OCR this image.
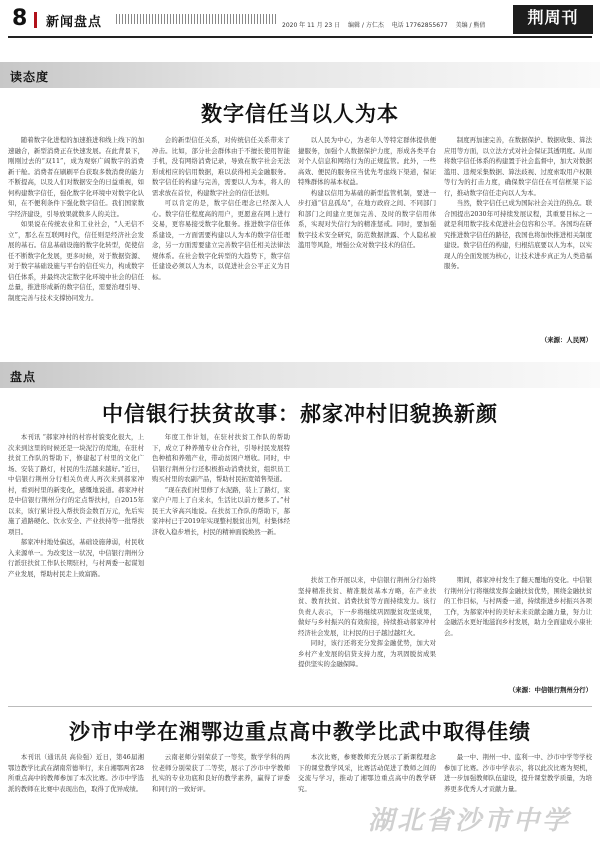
8 新闻盘点	2020 年 11 月 23 日 编辑 / 方仁杰 电话 17762855677 美编 / 熊倩	荆周刊
读态度
数字信任当以人为本

随着数字化进程的加速推进和线上线下的加速融合，新型消费正在快速发展。在此背景下，刚刚过去的“双11”，成为观察广阔数字的消费新干舱。消费者在刷刷平台获取多数消费的能力不断提高，以及人们对数据安全的日益重视，如何构建数字信任，强化数字化环境中对数字化认知，在不便利条件下强化数字信任。我们国家数字经济建设，引导放果就数多人的关注。

如果说在传统农业和工业社会，“人无信不立”，那么在互联网时代，信任则是经济社会发展的基石。信息基础设施的数字化转型，促使信任不断数字化发展，更多时候，对于数据资源、对于数字基础设施与平台的信任实力，构成数字信任体系，并最终决定数字化环境中社会的信任总量，推进形成新的数字信任，需要治理引导、制度完善与技术支撑协同发力。

会的新型信任关系，对传统信任关系带来了冲击。比如，部分社会群体由于不擅长使用智能手机，没有网络消费记录，导致在数字社会无法形成相应的信用数据，难以获得相关金融服务。数字信任的构建与完善，需要以人为本，将人的需求放在首位，构建数字社会的信任法则。

可以肯定的是，数字信任理念已经深入人心。数字信任程度高的用户，更愿意在网上进行交易，更容易接受数字化服务。推进数字信任体系建设，一方面需要构建以人为本的数字信任理念，另一方面需要建立完善数字信任相关法律法规体系。在社会数字化转型的大趋势下，数字信任建设必须以人为本，以促进社会公平正义为目标。

以人民为中心，为老年人等特定群体提供便捷服务，加强个人数据保护力度，形成各类平台对个人信息和网络行为的正规监管。此外，一些高效、便民的服务应当优先考虑线下渠道，保证特殊群体的基本权益。

构建以信用为基础的新型监管机制，要进一步打通“信息孤岛”，在地方政府之间、不同部门和部门之间建立更加完善、及时的数字信用体系，实现对失信行为的精准惩戒。同时，要加强数字技术安全研究，防范数据泄露、个人隐私被滥用等风险，增强公众对数字技术的信任。

制度再加速完善，在数据保护、数据收集、算法应用等方面，以立法方式对社会保证其透明度。从而将数字信任体系的构建置于社会监督中，加大对数据滥用、违规采集数据、算法歧视、过度索取用户权限等行为的打击力度，确保数字信任在可信框架下运行，推动数字信任走向以人为本。

当然，数字信任已成为国际社会关注的热点。联合国提出2030年可持续发展议程，其重要目标之一就是利用数字技术促进社会包容和公平。各国均在研究推进数字信任的路径，我国也将加快推进相关制度建设。数字信任的构建，归根结底要以人为本，以实现人的全面发展为核心，让技术进步真正为人类造福服务。

（来源：人民网）
盘点
中信银行扶贫故事：郝家冲村旧貌换新颜

本刊讯 “郝家冲村的村容村貌变化很大，上次来到这里的时候还是一块泥泞的荒地，在驻村扶贫工作队的帮助下，修建起了村里的文化广场、安装了路灯，村民的生活越来越好。”近日，中信银行荆州分行相关负责人再次来到郝家冲村，看到村里的新变化，感慨地说道。郝家冲村是中信银行荆州分行的定点帮扶村，自2015年以来，该行累计投入帮扶资金数百万元，先后实施了道路硬化、饮水安全、产业扶持等一批帮扶项目。

郝家冲村地处偏远，基础设施薄弱，村民收入来源单一。为改变这一状况，中信银行荆州分行派驻扶贫工作队长期驻村，与村两委一起谋划产业发展，帮助村民走上致富路。

年度工作计划，在驻村扶贫工作队的帮助下，成立了种养殖专业合作社，引导村民发展特色种植和养殖产业，带动贫困户增收。同时，中信银行荆州分行还积极推动消费扶贫，组织员工购买村里的农副产品，帮助村民拓宽销售渠道。

“现在我们村里修了水泥路，装上了路灯，家家户户用上了自来水，生活比以前方便多了。”村民王大爷高兴地说。在扶贫工作队的帮助下，郝家冲村已于2019年实现整村脱贫出列，村集体经济收入稳步增长，村民的精神面貌焕然一新。

扶贫工作开展以来，中信银行荆州分行始终坚持精准扶贫、精准脱贫基本方略，在产业扶贫、教育扶贫、消费扶贫等方面持续发力。该行负责人表示，下一步将继续巩固脱贫攻坚成果，做好与乡村振兴的有效衔接，持续推动郝家冲村经济社会发展，让村民的日子越过越红火。

同时，该行还将充分发挥金融优势，加大对乡村产业发展的信贷支持力度，为巩固脱贫成果提供坚实的金融保障。

期间，郝家冲村发生了翻天覆地的变化。中信银行荆州分行将继续发挥金融扶贫优势，围绕金融扶贫的工作目标，与村两委一道，持续推进乡村振兴各项工作，为郝家冲村的美好未来贡献金融力量，努力让金融活水更好地滋润乡村发展，助力全面建成小康社会。

（来源：中信银行荆州分行）
沙市中学在湘鄂边重点高中教学比武中取得佳绩

本刊讯（通讯员 高俭强）近日，第46届湘鄂边教学比武在湖南常德举行，来自湘鄂两省28所重点高中的教师参加了本次比赛。沙市中学选派的教师在比赛中表现出色，取得了优异成绩。

云南老师分别荣获了一等奖，数学学科的两位老师分别荣获了二等奖，展示了沙市中学教师扎实的专业功底和良好的教学素养，赢得了评委和同行的一致好评。

本次比赛，参赛教师充分展示了新课程理念下的课堂教学风采，比赛活动促进了教师之间的交流与学习，推动了湘鄂边重点高中的教学研究。

最一中、荆州一中、监利一中、沙市中学等学校参加了比赛。沙市中学表示，将以此次比赛为契机，进一步加强教师队伍建设，提升课堂教学质量，为培养更多优秀人才贡献力量。

湖北省沙市中学
